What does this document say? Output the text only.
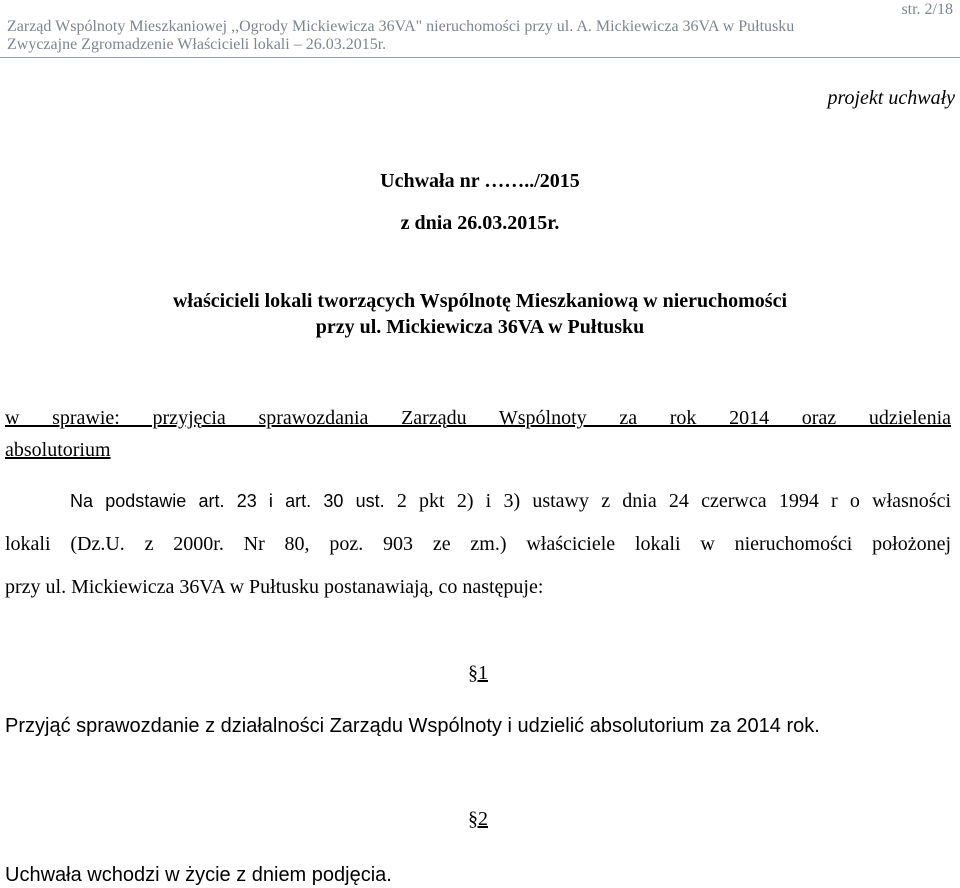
str. 2/18
Zarząd Wspólnoty Mieszkaniowej ,,Ogrody Mickiewicza 36VA" nieruchomości przy ul. A. Mickiewicza 36VA w Pułtusku
Zwyczajne Zgromadzenie Właścicieli lokali – 26.03.2015r.
projekt uchwały
Uchwała nr ……../2015
z dnia 26.03.2015r.
właścicieli lokali tworzących Wspólnotę Mieszkaniową w nieruchomości
przy ul. Mickiewicza 36VA w Pułtusku
w sprawie: przyjęcia sprawozdania Zarządu Wspólnoty za rok 2014 oraz udzielenia
absolutorium
Na podstawie art. 23 i art. 30 ust. 2 pkt 2) i 3) ustawy z dnia 24 czerwca 1994 r o własności
lokali (Dz.U. z 2000r. Nr 80, poz. 903 ze zm.) właściciele lokali w nieruchomości położonej
przy ul. Mickiewicza 36VA w Pułtusku postanawiają, co następuje:
§1
Przyjąć sprawozdanie z działalności Zarządu Wspólnoty i udzielić absolutorium za 2014 rok.
§2
Uchwała wchodzi w życie z dniem podjęcia.
